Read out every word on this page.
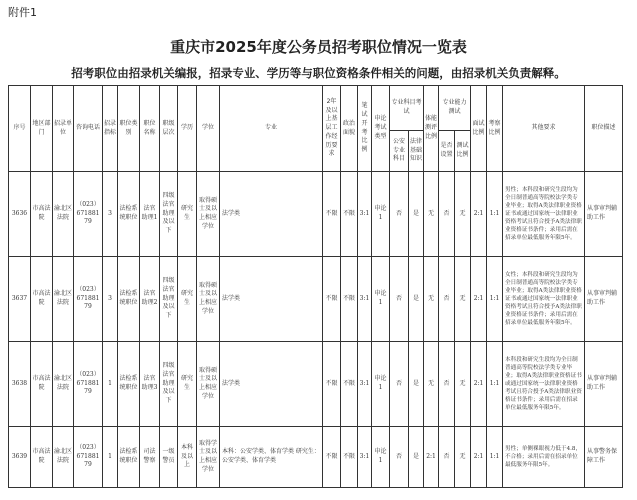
附件1
重庆市2025年度公务员招考职位情况一览表
招考职位由招录机关编报，招录专业、学历等与职位资格条件相关的问题，由招录机关负责解释。
序号	地区部门	招录单位	咨询电话	招录指标	职位类别	职位名称	职级层次	学历	学位	专业	2年及以上基层工作经历要求	政治面貌	笔试开考比例	申论考试类型	专业科目考试		体能测评比例	专业能力测试		面试比例	考察比例	其他要求	职位描述
															公安专业科目	法律基础知识		是否设置	测试比例				
3636	市高法院	渝北区法院	（023）67188179	3	法检系统职位	法官助理1	四级法官助理及以下	研究生	取得硕士及以上相应学位	法学类	不限	不限	3:1	申论1	否	是	无	否	无	2:1	1:1	男性；本科段和研究生段均为全日制普通高等院校法学类专业毕业；取得A类法律职业资格证书或通过国家统一法律职业资格考试且符合授予A类法律职业资格证书条件；录用后需在招录单位最低服务年限5年。	从事审判辅助工作
3637	市高法院	渝北区法院	（023）67188179	3	法检系统职位	法官助理2	四级法官助理及以下	研究生	取得硕士及以上相应学位	法学类	不限	不限	3:1	申论1	否	是	无	否	无	2:1	1:1	女性；本科段和研究生段均为全日制普通高等院校法学类专业毕业；取得A类法律职业资格证书或通过国家统一法律职业资格考试且符合授予A类法律职业资格证书条件；录用后需在招录单位最低服务年限5年。	从事审判辅助工作
3638	市高法院	渝北区法院	（023）67188179	1	法检系统职位	法官助理3	四级法官助理及以下	研究生	取得硕士及以上相应学位	法学类	不限	不限	3:1	申论1	否	是	无	否	无	2:1	1:1	本科段和研究生段均为全日制普通高等院校法学类专业毕业；取得A类法律职业资格证书或通过国家统一法律职业资格考试且符合授予A类法律职业资格证书条件；录用后需在招录单位最低服务年限5年。	从事审判辅助工作
3639	市高法院	渝北区法院	（023）67188179	1	法检系统职位	司法警察	一级警员	本科及以上	取得学士及以上相应学位	本科：公安学类、体育学类 研究生：公安学类、体育学类	不限	不限	3:1	申论1	否	是	2:1	否	无	2:1	1:1	男性；单侧裸眼视力低于4.8，不合格；录用后需在招录单位最低服务年限5年。	从事警务保障工作
